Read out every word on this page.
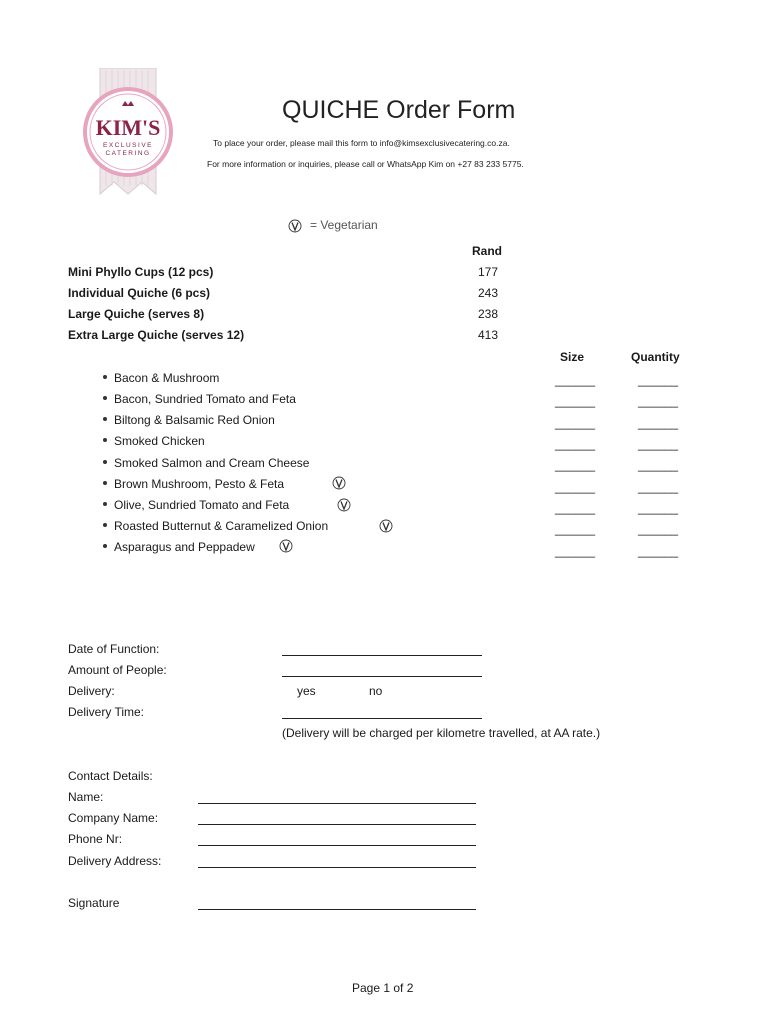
KIM'S
EXCLUSIVE
CATERING
QUICHE Order Form
To place your order, please mail this form to info@kimsexclusivecatering.co.za.
For more information or inquiries, please call or WhatsApp Kim on +27 83 233 5775.
= Vegetarian
Rand
Mini Phyllo Cups (12 pcs)	177
Individual Quiche (6 pcs)	243
Large Quiche (serves 8)	238
Extra Large Quiche (serves 12)	413
Size	Quantity
Bacon & Mushroom	______	______
Bacon, Sundried Tomato and Feta	______	______
Biltong & Balsamic Red Onion	______	______
Smoked Chicken	______	______
Smoked Salmon and Cream Cheese	______	______
Brown Mushroom, Pesto & Feta	______	______
Olive, Sundried Tomato and Feta	______	______
Roasted Butternut & Caramelized Onion	______	______
Asparagus and Peppadew	______	______
Date of Function:
Amount of People:
Delivery:	yes	no
Delivery Time:
(Delivery will be charged per kilometre travelled, at AA rate.)
Contact Details:
Name:
Company Name:
Phone Nr:
Delivery Address:
Signature
Page 1 of 2
